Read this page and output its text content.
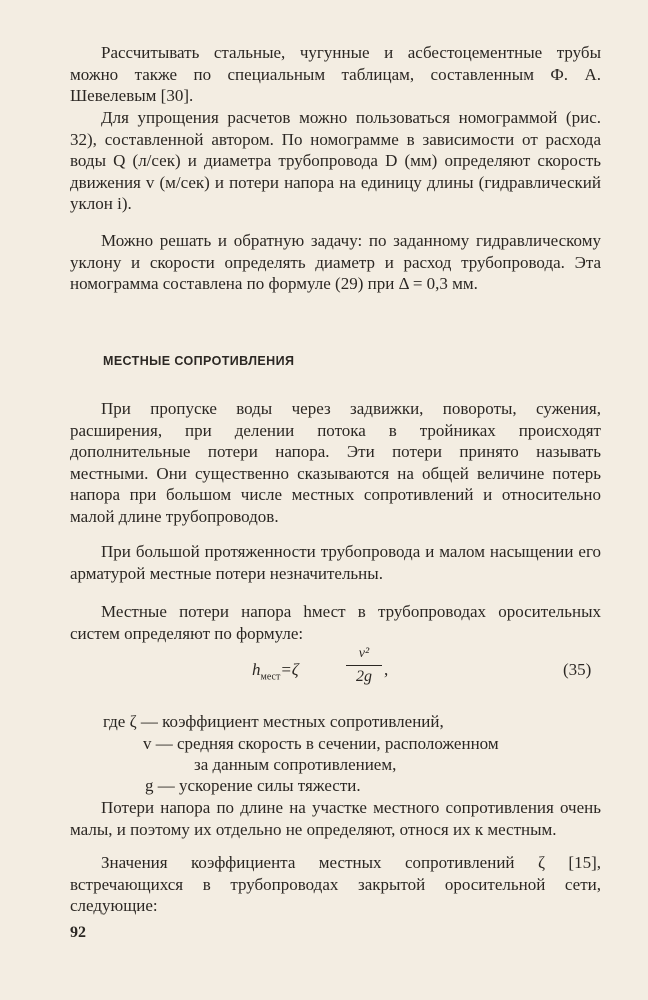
Рассчитывать стальные, чугунные и асбестоцементные трубы можно также по специальным таблицам, составленным Ф. А. Шевелевым [30].

Для упрощения расчетов можно пользоваться номограммой (рис. 32), составленной автором. По номограмме в зависимости от расхода воды Q (л/сек) и диаметра трубопровода D (мм) определяют скорость движения v (м/сек) и потери напора на единицу длины (гидравлический уклон i).

Можно решать и обратную задачу: по заданному гидравлическому уклону и скорости определять диаметр и расход трубопровода. Эта номограмма составлена по формуле (29) при Δ = 0,3 мм.

МЕСТНЫЕ СОПРОТИВЛЕНИЯ

При пропуске воды через задвижки, повороты, сужения, расширения, при делении потока в тройниках происходят дополнительные потери напора. Эти потери принято называть местными. Они существенно сказываются на общей величине потерь напора при большом числе местных сопротивлений и относительно малой длине трубопроводов.

При большой протяженности трубопровода и малом насыщении его арматурой местные потери незначительны.

Местные потери напора hмест в трубопроводах оросительных систем определяют по формуле:

$h_{мест}=\zeta$
v²
2g ,	(35)
где ζ — коэффициент местных сопротивлений,
v — средняя скорость в сечении, расположенном
за данным сопротивлением,
g — ускорение силы тяжести.

Потери напора по длине на участке местного сопротивления очень малы, и поэтому их отдельно не определяют, относя их к местным.

Значения коэффициента местных сопротивлений ζ [15], встречающихся в трубопроводах закрытой оросительной сети, следующие:

92
